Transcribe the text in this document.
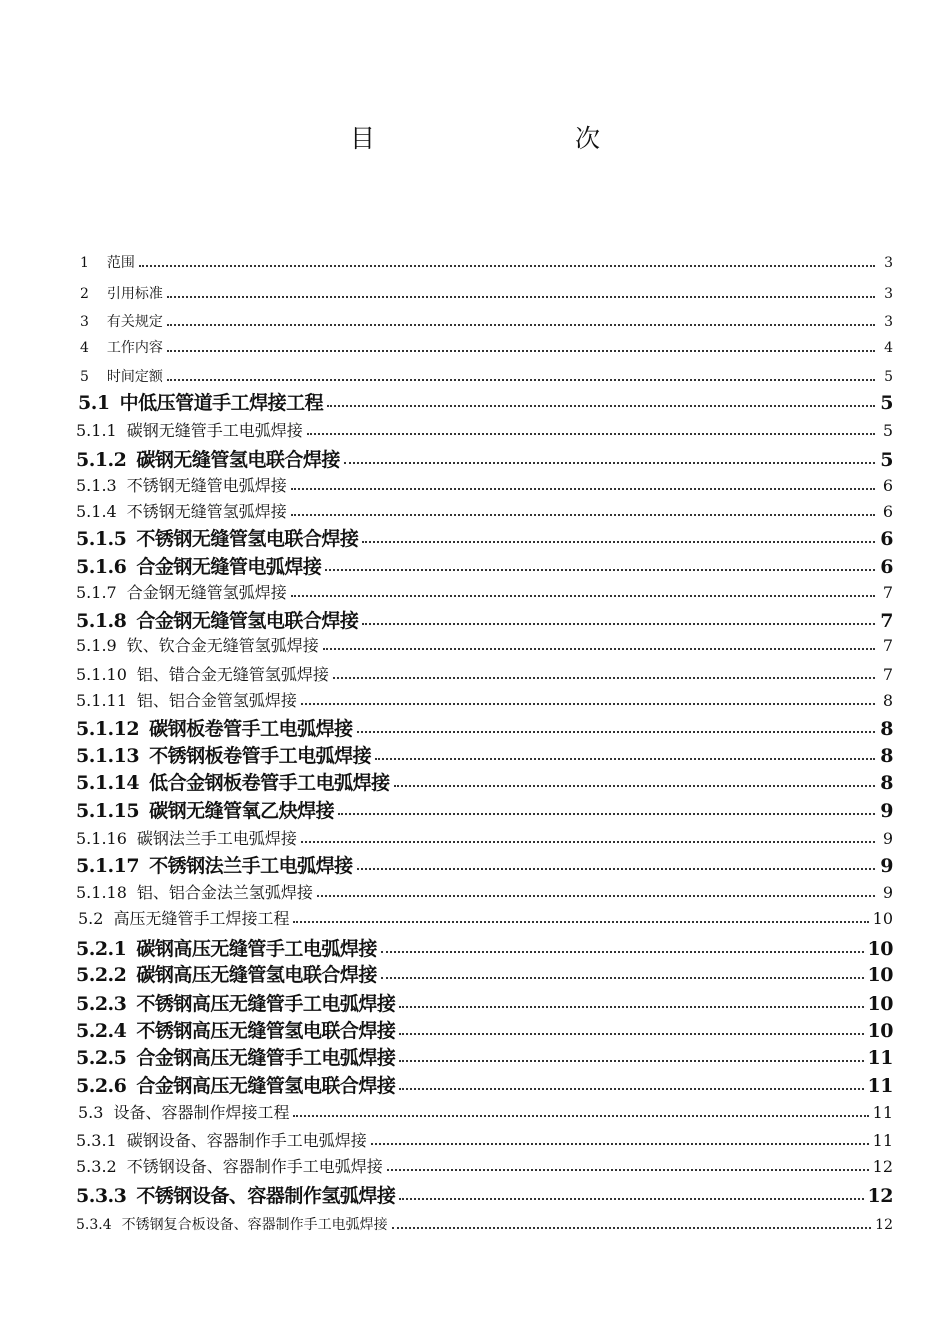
目 次
1 范围	3
2 引用标准	3
3 有关规定	3
4 工作内容	4
5 时间定额	5
5.1 中低压管道手工焊接工程	5
5.1.1 碳钢无缝管手工电弧焊接	5
5.1.2 碳钢无缝管氢电联合焊接	5
5.1.3 不锈钢无缝管电弧焊接	6
5.1.4 不锈钢无缝管氢弧焊接	6
5.1.5 不锈钢无缝管氢电联合焊接	6
5.1.6 合金钢无缝管电弧焊接	6
5.1.7 合金钢无缝管氢弧焊接	7
5.1.8 合金钢无缝管氢电联合焊接	7
5.1.9 钦、钦合金无缝管氢弧焊接	7
5.1.10 铝、错合金无缝管氢弧焊接	7
5.1.11 铝、铝合金管氢弧焊接	8
5.1.12 碳钢板卷管手工电弧焊接	8
5.1.13 不锈钢板卷管手工电弧焊接	8
5.1.14 低合金钢板卷管手工电弧焊接	8
5.1.15 碳钢无缝管氧乙炔焊接	9
5.1.16 碳钢法兰手工电弧焊接	9
5.1.17 不锈钢法兰手工电弧焊接	9
5.1.18 铝、铝合金法兰氢弧焊接	9
5.2 高压无缝管手工焊接工程	10
5.2.1 碳钢高压无缝管手工电弧焊接	10
5.2.2 碳钢高压无缝管氢电联合焊接	10
5.2.3 不锈钢高压无缝管手工电弧焊接	10
5.2.4 不锈钢高压无缝管氢电联合焊接	10
5.2.5 合金钢高压无缝管手工电弧焊接	11
5.2.6 合金钢高压无缝管氢电联合焊接	11
5.3 设备、容器制作焊接工程	11
5.3.1 碳钢设备、容器制作手工电弧焊接	11
5.3.2 不锈钢设备、容器制作手工电弧焊接	12
5.3.3 不锈钢设备、容器制作氢弧焊接	12
5.3.4 不锈钢复合板设备、容器制作手工电弧焊接	12
